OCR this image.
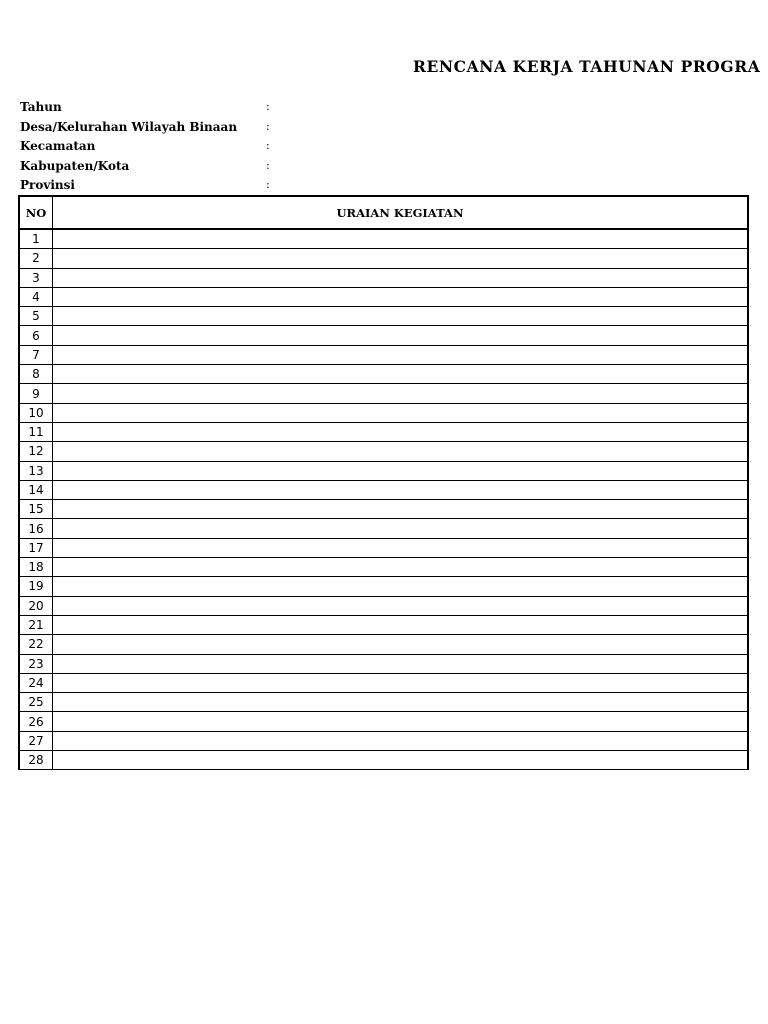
RENCANA KERJA TAHUNAN PROGRA
Tahun	:
Desa/Kelurahan Wilayah Binaan	:
Kecamatan	:
Kabupaten/Kota	:
Provinsi	:
NO	URAIAN KEGIATAN
1	
2	
3	
4	
5	
6	
7	
8	
9	
10	
11	
12	
13	
14	
15	
16	
17	
18	
19	
20	
21	
22	
23	
24	
25	
26	
27	
28	
